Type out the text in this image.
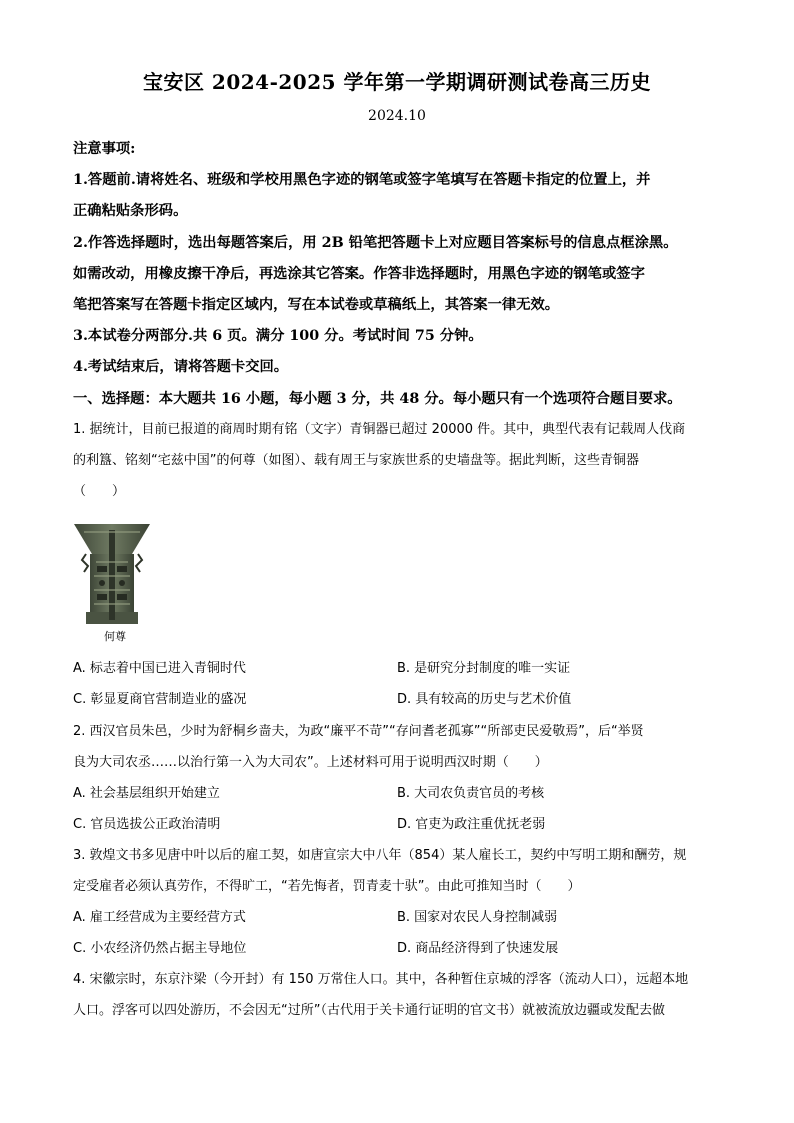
宝安区 2024-2025 学年第一学期调研测试卷高三历史
2024.10
注意事项:
1.答题前.请将姓名、班级和学校用黑色字迹的钢笔或签字笔填写在答题卡指定的位置上，并
正确粘贴条形码。
2.作答选择题时，选出每题答案后，用 2B 铅笔把答题卡上对应题目答案标号的信息点框涂黑。
如需改动，用橡皮擦干净后，再选涂其它答案。作答非选择题时，用黑色字迹的钢笔或签字
笔把答案写在答题卡指定区域内，写在本试卷或草稿纸上，其答案一律无效。
3.本试卷分两部分.共 6 页。满分 100 分。考试时间 75 分钟。
4.考试结束后，请将答题卡交回。
一、选择题：本大题共 16 小题，每小题 3 分，共 48 分。每小题只有一个选项符合题目要求。
1. 据统计，目前已报道的商周时期有铭（文字）青铜器已超过 20000 件。其中，典型代表有记载周人伐商
的利簋、铭刻“宅兹中国”的何尊（如图）、载有周王与家族世系的史墙盘等。据此判断，这些青铜器
（　　）
何尊
A. 标志着中国已进入青铜时代	B. 是研究分封制度的唯一实证
C. 彰显夏商官营制造业的盛况	D. 具有较高的历史与艺术价值
2. 西汉官员朱邑，少时为舒桐乡啬夫，为政“廉平不苛”“存问耆老孤寡”“所部吏民爱敬焉”，后“举贤
良为大司农丞……以治行第一入为大司农”。上述材料可用于说明西汉时期（　　）
A. 社会基层组织开始建立	B. 大司农负责官员的考核
C. 官员选拔公正政治清明	D. 官吏为政注重优抚老弱
3. 敦煌文书多见唐中叶以后的雇工契，如唐宣宗大中八年（854）某人雇长工，契约中写明工期和酬劳，规
定受雇者必须认真劳作，不得旷工，“若先悔者，罚青麦十驮”。由此可推知当时（　　）
A. 雇工经营成为主要经营方式	B. 国家对农民人身控制减弱
C. 小农经济仍然占据主导地位	D. 商品经济得到了快速发展
4. 宋徽宗时，东京汴梁（今开封）有 150 万常住人口。其中，各种暂住京城的浮客（流动人口），远超本地
人口。浮客可以四处游历，不会因无“过所”（古代用于关卡通行证明的官文书）就被流放边疆或发配去做
